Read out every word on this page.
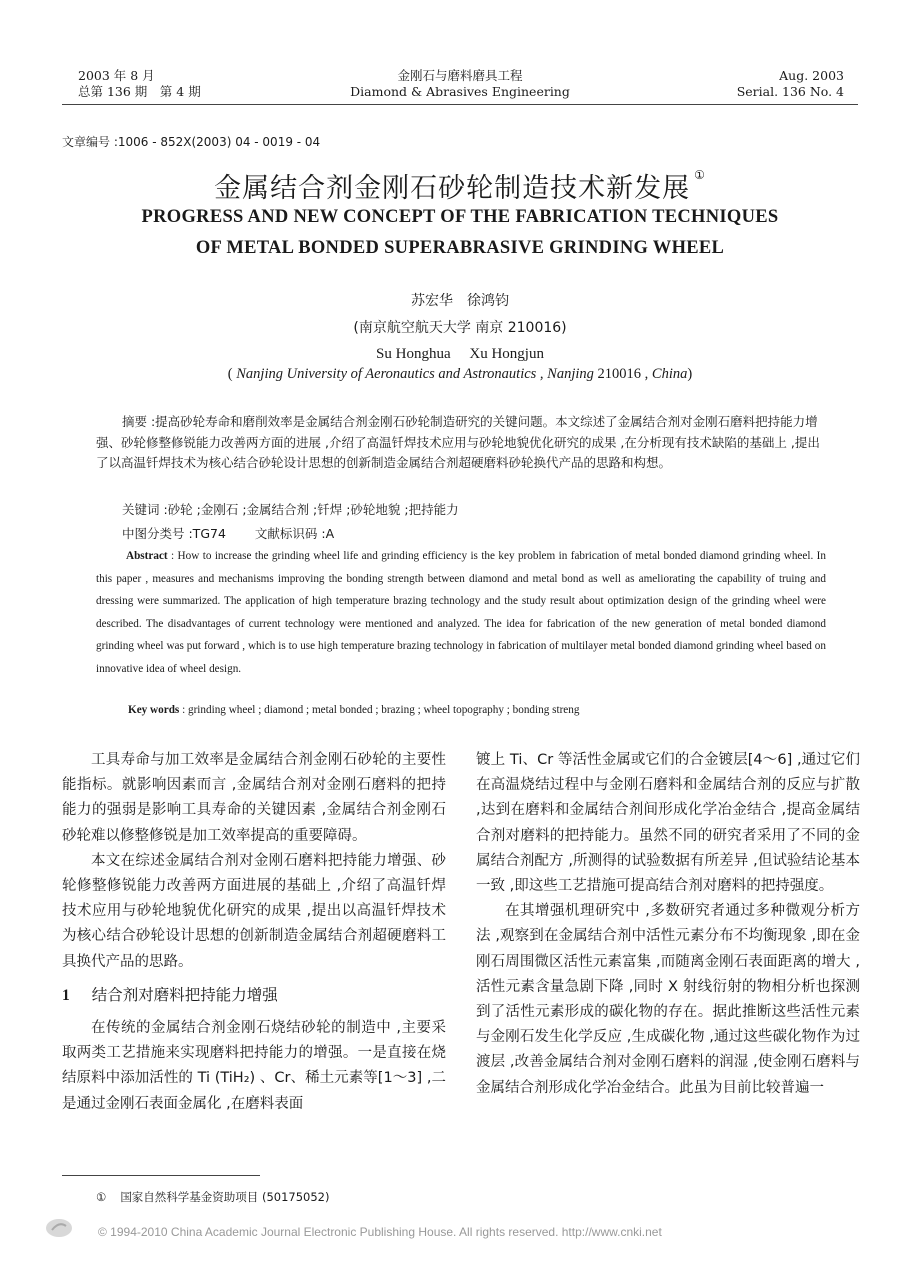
2003 年 8 月
总第 136 期　第 4 期
金刚石与磨料磨具工程
Diamond & Abrasives Engineering
Aug. 2003
Serial. 136 No. 4
文章编号 :1006 - 852X(2003) 04 - 0019 - 04
金属结合剂金刚石砂轮制造技术新发展 ①
PROGRESS AND NEW CONCEPT OF THE FABRICATION TECHNIQUES
OF METAL BONDED SUPERABRASIVE GRINDING WHEEL
苏宏华　徐鸿钧
(南京航空航天大学 南京 210016)
Su Honghua　 Xu Hongjun
( Nanjing University of Aeronautics and Astronautics , Nanjing 210016 , China)
摘要 :提高砂轮寿命和磨削效率是金属结合剂金刚石砂轮制造研究的关键问题。本文综述了金属结合剂对金刚石磨料把持能力增强、砂轮修整修锐能力改善两方面的进展 ,介绍了高温钎焊技术应用与砂轮地貌优化研究的成果 ,在分析现有技术缺陷的基础上 ,提出了以高温钎焊技术为核心结合砂轮设计思想的创新制造金属结合剂超硬磨料砂轮换代产品的思路和构想。
关键词 :砂轮 ;金刚石 ;金属结合剂 ;钎焊 ;砂轮地貌 ;把持能力
中图分类号 :TG74　　 文献标识码 :A
Abstract : How to increase the grinding wheel life and grinding efficiency is the key problem in fabrication of metal bonded diamond grinding wheel. In this paper , measures and mechanisms improving the bonding strength between diamond and metal bond as well as ameliorating the capability of truing and dressing were summarized. The application of high temperature brazing technology and the study result about optimization design of the grinding wheel were described. The disadvantages of current technology were mentioned and analyzed. The idea for fabrication of the new generation of metal bonded diamond grinding wheel was put forward , which is to use high temperature brazing technology in fabrication of multilayer metal bonded diamond grinding wheel based on innovative idea of wheel design.
Key words : grinding wheel ; diamond ; metal bonded ; brazing ; wheel topography ; bonding streng

工具寿命与加工效率是金属结合剂金刚石砂轮的主要性能指标。就影响因素而言 ,金属结合剂对金刚石磨料的把持能力的强弱是影响工具寿命的关键因素 ,金属结合剂金刚石砂轮难以修整修锐是加工效率提高的重要障碍。

本文在综述金属结合剂对金刚石磨料把持能力增强、砂轮修整修锐能力改善两方面进展的基础上 ,介绍了高温钎焊技术应用与砂轮地貌优化研究的成果 ,提出以高温钎焊技术为核心结合砂轮设计思想的创新制造金属结合剂超硬磨料工具换代产品的思路。

1 结合剂对磨料把持能力增强

在传统的金属结合剂金刚石烧结砂轮的制造中 ,主要采取两类工艺措施来实现磨料把持能力的增强。一是直接在烧结原料中添加活性的 Ti (TiH₂) 、Cr、稀土元素等[1～3] ,二是通过金刚石表面金属化 ,在磨料表面

镀上 Ti、Cr 等活性金属或它们的合金镀层[4～6] ,通过它们在高温烧结过程中与金刚石磨料和金属结合剂的反应与扩散 ,达到在磨料和金属结合剂间形成化学冶金结合 ,提高金属结合剂对磨料的把持能力。虽然不同的研究者采用了不同的金属结合剂配方 ,所测得的试验数据有所差异 ,但试验结论基本一致 ,即这些工艺措施可提高结合剂对磨料的把持强度。

在其增强机理研究中 ,多数研究者通过多种微观分析方法 ,观察到在金属结合剂中活性元素分布不均衡现象 ,即在金刚石周围微区活性元素富集 ,而随离金刚石表面距离的增大 ,活性元素含量急剧下降 ,同时 X 射线衍射的物相分析也探测到了活性元素形成的碳化物的存在。据此推断这些活性元素与金刚石发生化学反应 ,生成碳化物 ,通过这些碳化物作为过渡层 ,改善金属结合剂对金刚石磨料的润湿 ,使金刚石磨料与金属结合剂形成化学冶金结合。此虽为目前比较普遍一

① 国家自然科学基金资助项目 (50175052)
© 1994-2010 China Academic Journal Electronic Publishing House. All rights reserved. http://www.cnki.net
